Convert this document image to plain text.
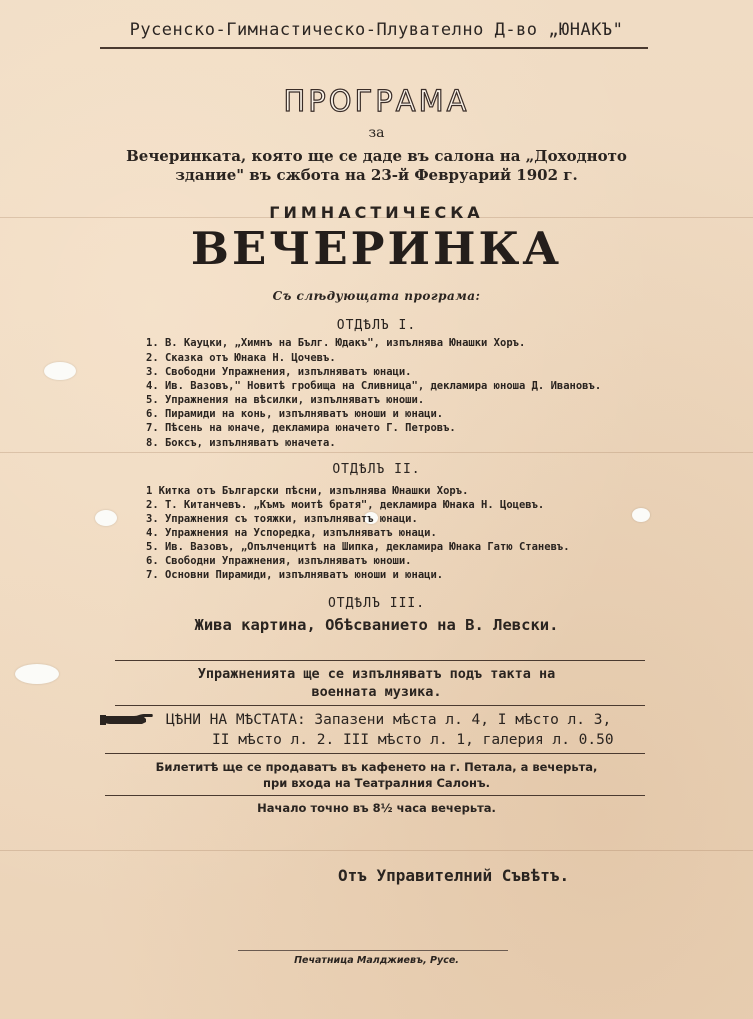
Русенско-Гимнастическо-Плувателно Д-во „ЮНАКЪ"
ПРОГРАМА
за
Вечеринката, която ще се даде въ салона на „Доходното
здание" въ сжбота на 23-й Февруарий 1902 г.
ГИМНАСТИЧЕСКА
ВЕЧЕРИНКА
Съ слѣдующата програма:
ОТДѢЛЪ I.
1. В. Кауцки, „Химнъ на Бълг. Юдакъ", изпълнява Юнашки Хоръ.
2. Сказка отъ Юнака Н. Цочевъ.
3. Свободни Упражнения, изпълняватъ юнаци.
4. Ив. Вазовъ," Новитѣ гробища на Сливница", декламира юноша Д. Ивановъ.
5. Упражнения на вѣсилки, изпълняватъ юноши.
6. Пирамиди на конь, изпълняватъ юноши и юнаци.
7. Пѣсень на юначе, декламира юначето Г. Петровъ.
8. Боксъ, изпълняватъ юначета.
ОТДѢЛЪ II.
1 Китка отъ Български пѣсни, изпълнява Юнашки Хоръ.
2. Т. Китанчевъ. „Къмъ моитѣ братя", декламира Юнака Н. Цоцевъ.
3. Упражнения съ тояжки, изпълняватъ юнаци.
4. Упражнения на Успоредка, изпълняватъ юнаци.
5. Ив. Вазовъ, „Опълченцитѣ на Шипка, декламира Юнака Гатю Станевъ.
6. Свободни Упражнения, изпълняватъ юноши.
7. Основни Пирамиди, изпълняватъ юноши и юнаци.
ОТДѢЛЪ III.
Жива картина, Обѣсванието на В. Левски.
Упражненията ще се изпълняватъ подъ такта на
военната музика.
ЦѢНИ НА МѢСТАТА: Запазени мѣста л. 4, I мѣсто л. 3,
II мѣсто л. 2. III мѣсто л. 1, галерия л. 0.50
Билетитѣ ще се продаватъ въ кафенето на г. Петала, а вечерьта,
при входа на Театралния Салонъ.
Начало точно въ 8½ часа вечерьта.
Отъ Управителний Съвѣтъ.
Печатница Малджиевъ, Русе.
